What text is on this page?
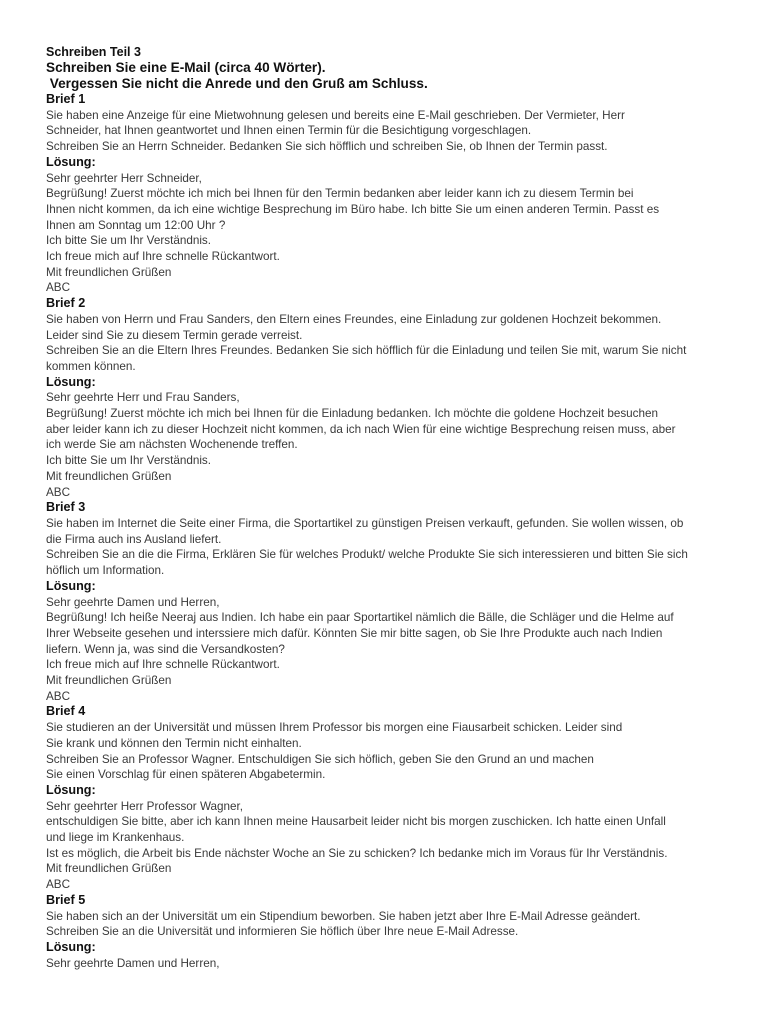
Schreiben Teil 3
Schreiben Sie eine E-Mail (circa 40 Wörter).
Vergessen Sie nicht die Anrede und den Gruß am Schluss.
Brief 1
Sie haben eine Anzeige für eine Mietwohnung gelesen und bereits eine E-Mail geschrieben. Der Vermieter, Herr
Schneider, hat Ihnen geantwortet und Ihnen einen Termin für die Besichtigung vorgeschlagen.
Schreiben Sie an Herrn Schneider. Bedanken Sie sich höfflich und schreiben Sie, ob Ihnen der Termin passt.
Lösung:
Sehr geehrter Herr Schneider,
Begrüßung! Zuerst möchte ich mich bei Ihnen für den Termin bedanken aber leider kann ich zu diesem Termin bei
Ihnen nicht kommen, da ich eine wichtige Besprechung im Büro habe. Ich bitte Sie um einen anderen Termin. Passt es
Ihnen am Sonntag um 12:00 Uhr ?
Ich bitte Sie um Ihr Verständnis.
Ich freue mich auf Ihre schnelle Rückantwort.
Mit freundlichen Grüßen
ABC
Brief 2
Sie haben von Herrn und Frau Sanders, den Eltern eines Freundes, eine Einladung zur goldenen Hochzeit bekommen.
Leider sind Sie zu diesem Termin gerade verreist.
Schreiben Sie an die Eltern Ihres Freundes. Bedanken Sie sich höfflich für die Einladung und teilen Sie mit, warum Sie nicht
kommen können.
Lösung:
Sehr geehrte Herr und Frau Sanders,
Begrüßung! Zuerst möchte ich mich bei Ihnen für die Einladung bedanken. Ich möchte die goldene Hochzeit besuchen
aber leider kann ich zu dieser Hochzeit nicht kommen, da ich nach Wien für eine wichtige Besprechung reisen muss, aber
ich werde Sie am nächsten Wochenende treffen.
Ich bitte Sie um Ihr Verständnis.
Mit freundlichen Grüßen
ABC
Brief 3
Sie haben im Internet die Seite einer Firma, die Sportartikel zu günstigen Preisen verkauft, gefunden. Sie wollen wissen, ob
die Firma auch ins Ausland liefert.
Schreiben Sie an die die Firma, Erklären Sie für welches Produkt/ welche Produkte Sie sich interessieren und bitten Sie sich
höflich um Information.
Lösung:
Sehr geehrte Damen und Herren,
Begrüßung! Ich heiße Neeraj aus Indien. Ich habe ein paar Sportartikel nämlich die Bälle, die Schläger und die Helme auf
Ihrer Webseite gesehen und interssiere mich dafür. Könnten Sie mir bitte sagen, ob Sie Ihre Produkte auch nach Indien
liefern. Wenn ja, was sind die Versandkosten?
Ich freue mich auf Ihre schnelle Rückantwort.
Mit freundlichen Grüßen
ABC
Brief 4
Sie studieren an der Universität und müssen Ihrem Professor bis morgen eine Fiausarbeit schicken. Leider sind
Sie krank und können den Termin nicht einhalten.
Schreiben Sie an Professor Wagner. Entschuldigen Sie sich höflich, geben Sie den Grund an und machen
Sie einen Vorschlag für einen späteren Abgabetermin.
Lösung:
Sehr geehrter Herr Professor Wagner,
entschuldigen Sie bitte, aber ich kann Ihnen meine Hausarbeit leider nicht bis morgen zuschicken. Ich hatte einen Unfall
und liege im Krankenhaus.
Ist es möglich, die Arbeit bis Ende nächster Woche an Sie zu schicken? Ich bedanke mich im Voraus für Ihr Verständnis.
Mit freundlichen Grüßen
ABC
Brief 5
Sie haben sich an der Universität um ein Stipendium beworben. Sie haben jetzt aber Ihre E-Mail Adresse geändert.
Schreiben Sie an die Universität und informieren Sie höflich über Ihre neue E-Mail Adresse.
Lösung:
Sehr geehrte Damen und Herren,
